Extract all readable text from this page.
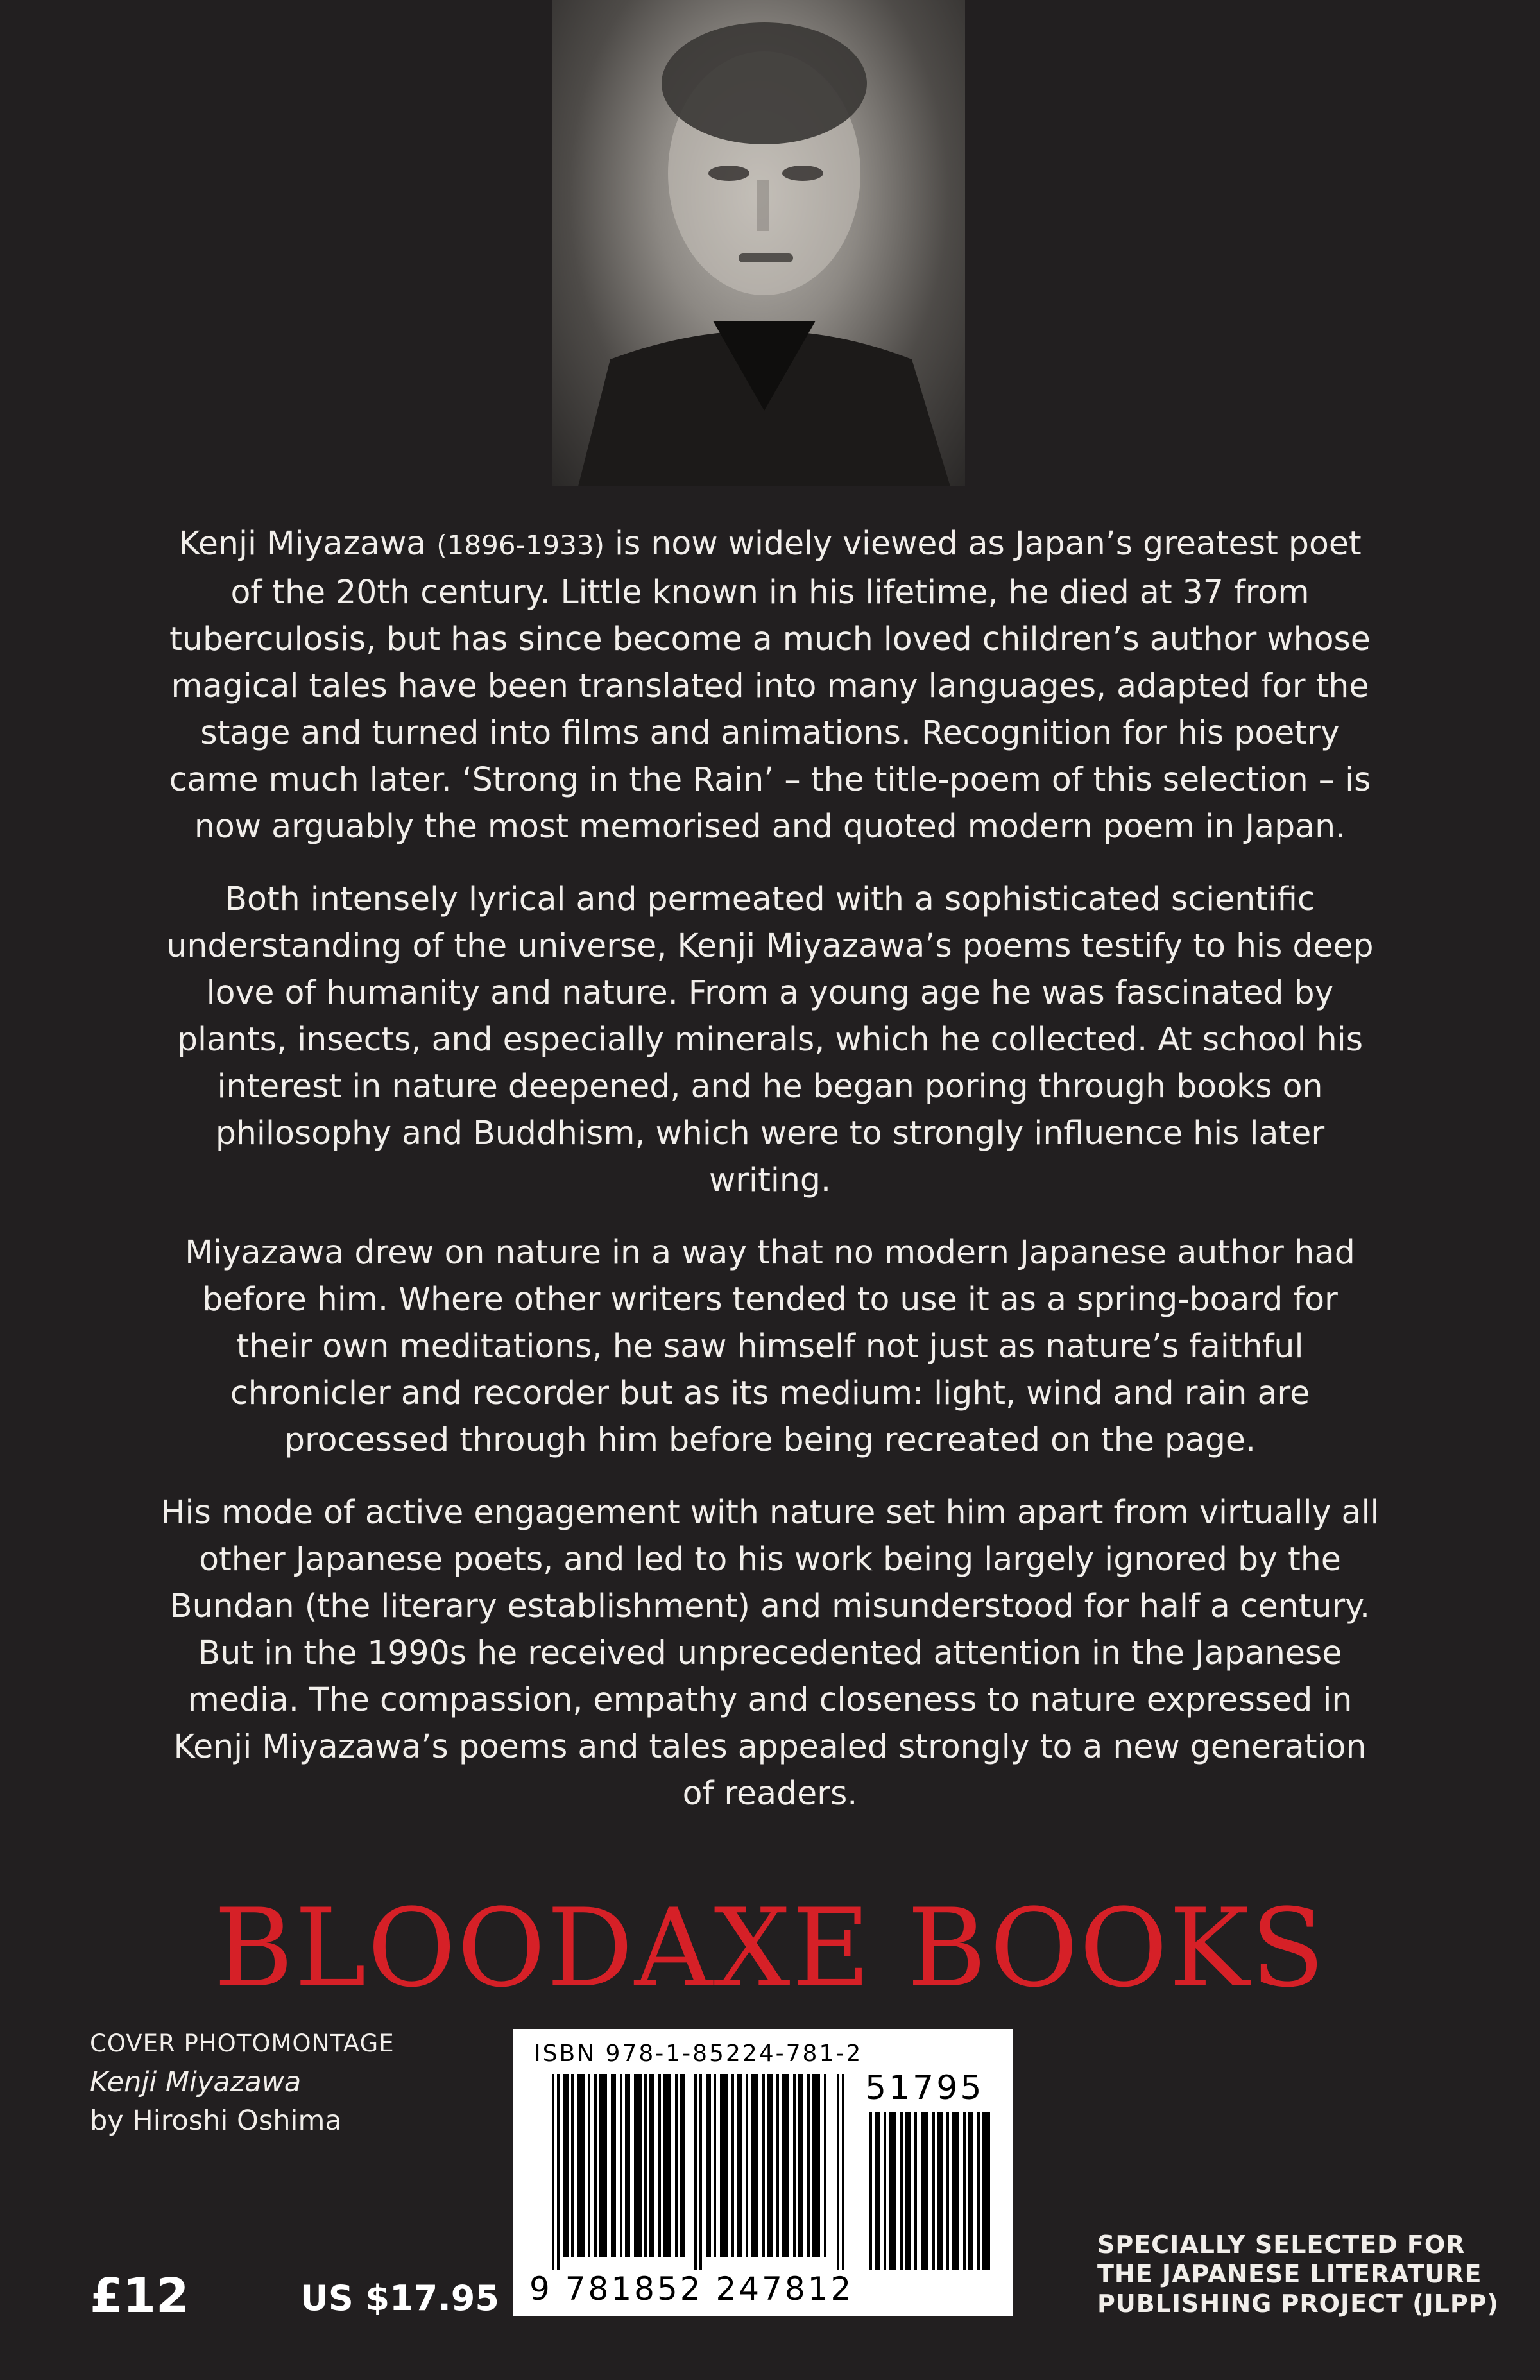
Kenji Miyazawa (1896-1933) is now widely viewed as Japan’s greatest poet of the 20th century. Little known in his lifetime, he died at 37 from tuberculosis, but has since become a much loved children’s author whose magical tales have been translated into many languages, adapted for the stage and turned into films and animations. Recognition for his poetry came much later. ‘Strong in the Rain’ – the title-poem of this selection – is now arguably the most memorised and quoted modern poem in Japan.

Both intensely lyrical and permeated with a sophisticated scientific understanding of the universe, Kenji Miyazawa’s poems testify to his deep love of humanity and nature. From a young age he was fascinated by plants, insects, and especially minerals, which he collected. At school his interest in nature deepened, and he began poring through books on philosophy and Buddhism, which were to strongly influence his later writing.

Miyazawa drew on nature in a way that no modern Japanese author had before him. Where other writers tended to use it as a spring-board for their own meditations, he saw himself not just as nature’s faithful chronicler and recorder but as its medium: light, wind and rain are processed through him before being recreated on the page.

His mode of active engagement with nature set him apart from virtually all other Japanese poets, and led to his work being largely ignored by the Bundan (the literary establishment) and misunderstood for half a century. But in the 1990s he received unprecedented attention in the Japanese media. The compassion, empathy and closeness to nature expressed in Kenji Miyazawa’s poems and tales appealed strongly to a new generation of readers.

BLOODAXE BOOKS
COVER PHOTOMONTAGE
Kenji Miyazawa
by Hiroshi Oshima
£12	US $17.95
ISBN 978-1-85224-781-2
51795
9 781852 247812
SPECIALLY SELECTED FOR
THE JAPANESE LITERATURE
PUBLISHING PROJECT (JLPP)
